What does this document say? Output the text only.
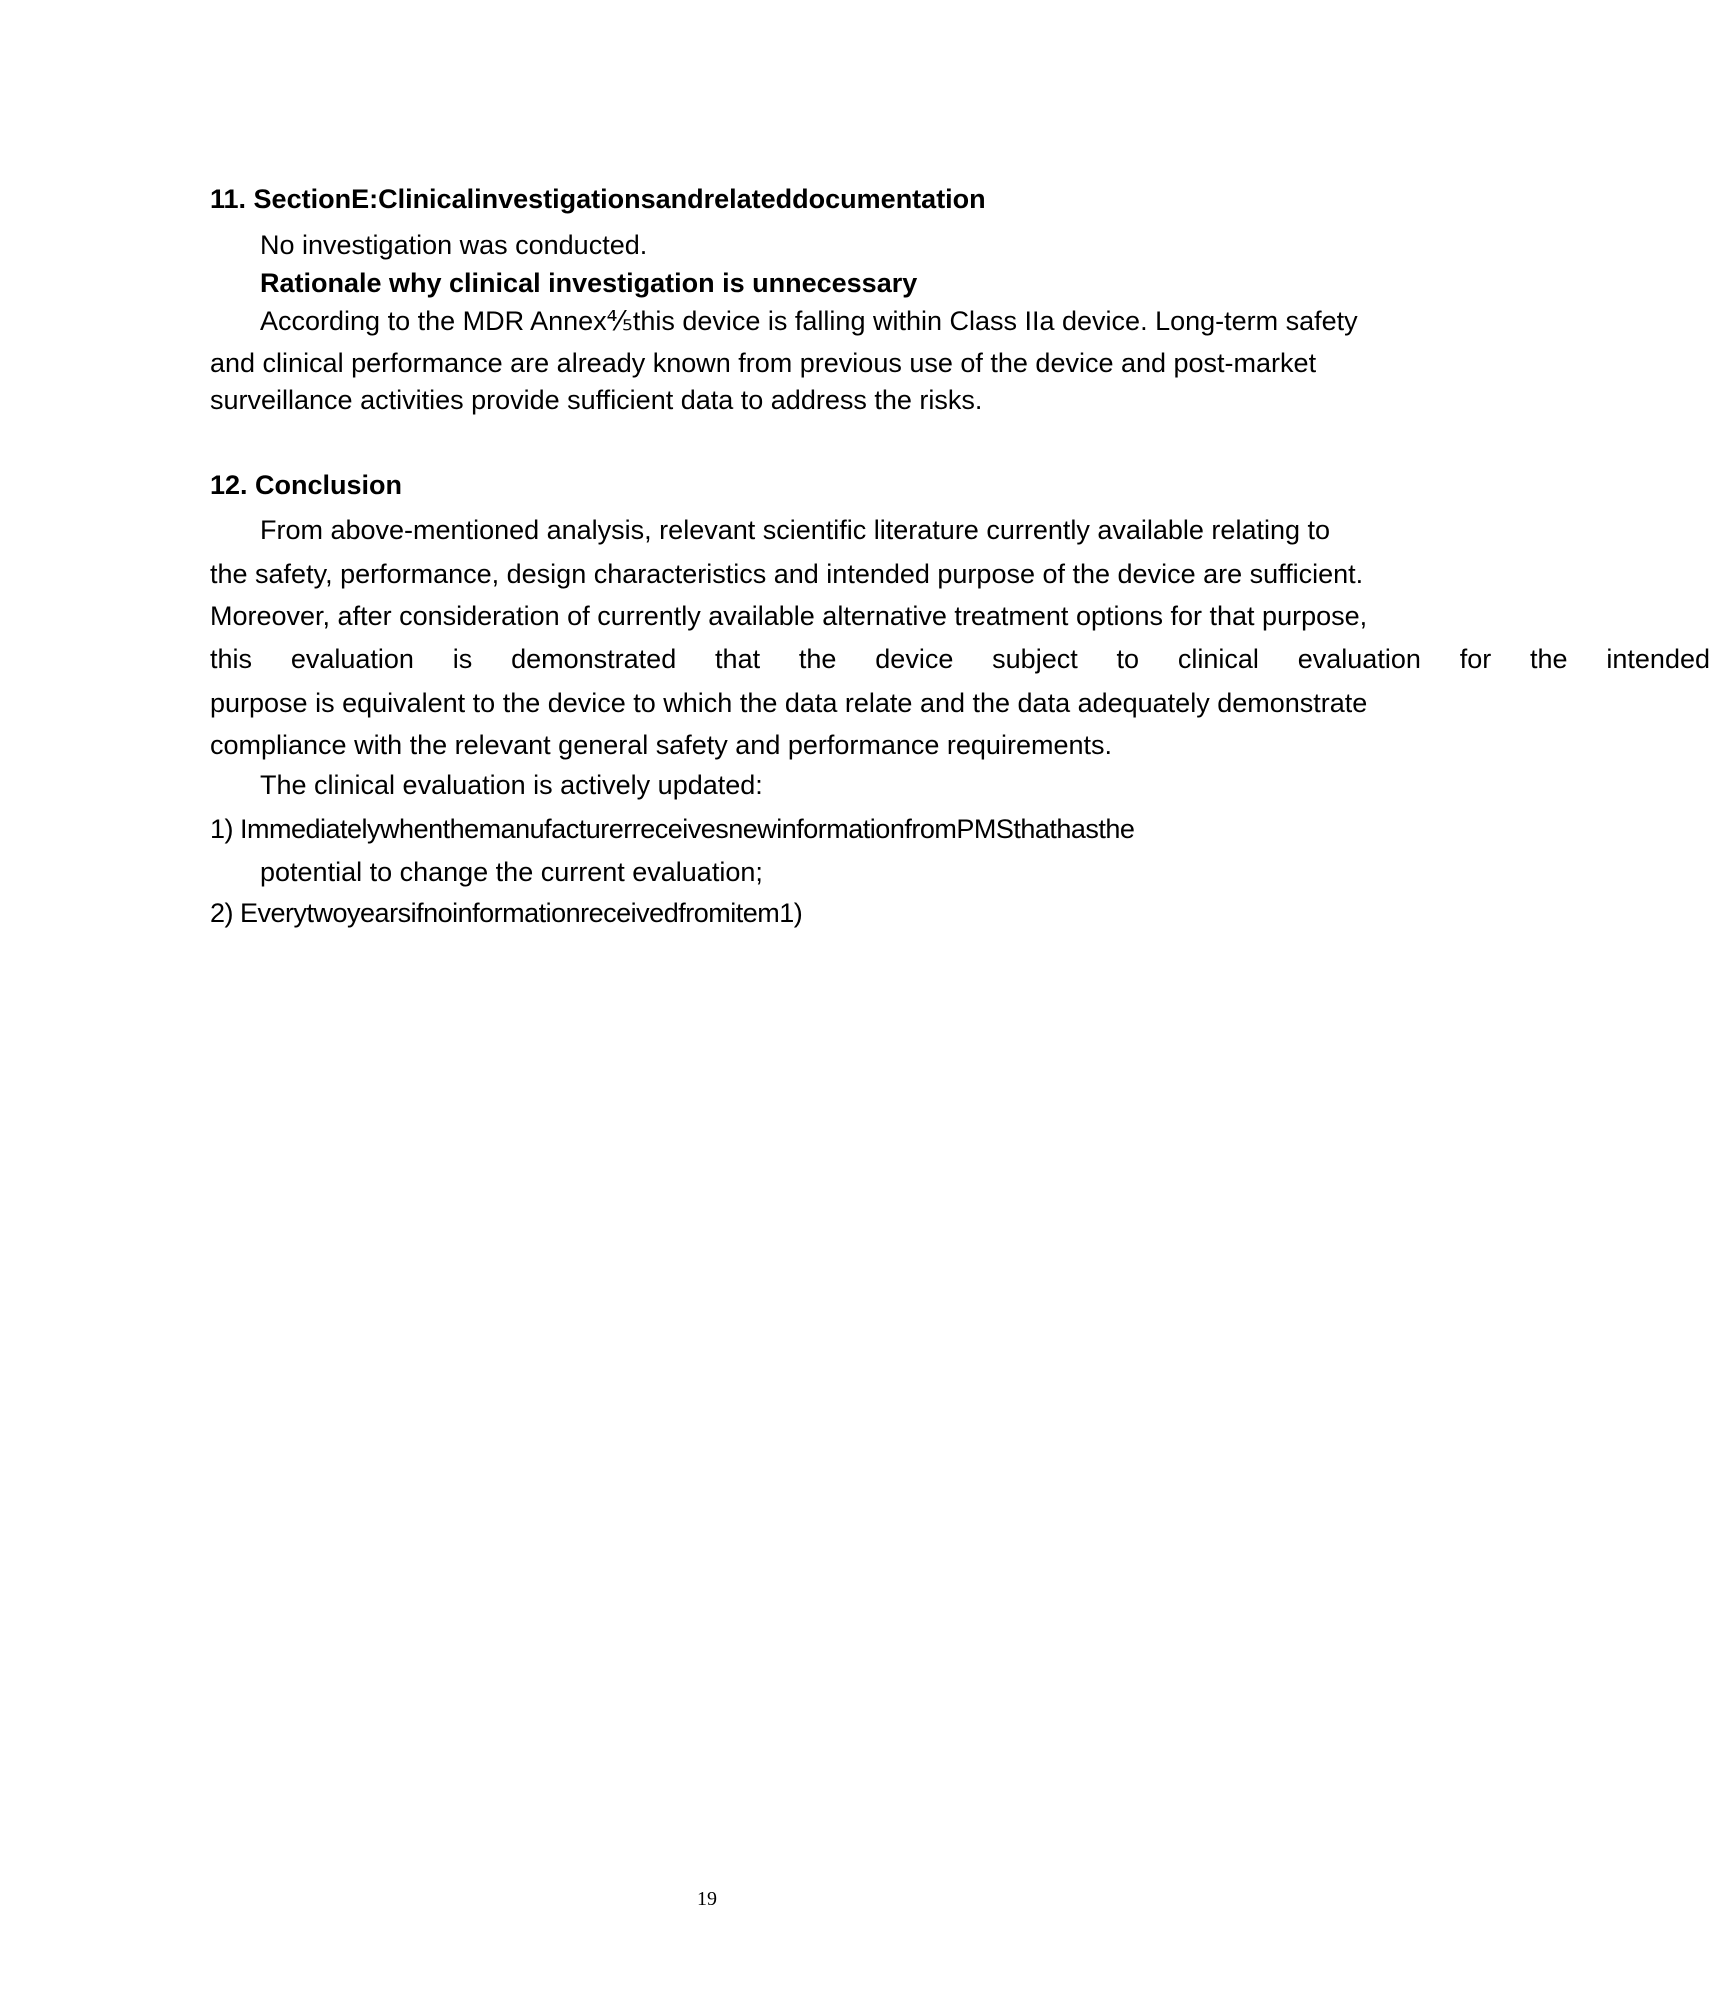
11. SectionE:Clinicalinvestigationsandrelateddocumentation
No investigation was conducted.
Rationale why clinical investigation is unnecessary
According to the MDR Annex⅘this device is falling within Class IIa device. Long-term safety
and clinical performance are already known from previous use of the device and post-market
surveillance activities provide sufficient data to address the risks.
12. Conclusion
From above-mentioned analysis, relevant scientific literature currently available relating to
the safety, performance, design characteristics and intended purpose of the device are sufficient.
Moreover, after consideration of currently available alternative treatment options for that purpose,
this evaluation is demonstrated that the device subject to clinical evaluation for the intended
purpose is equivalent to the device to which the data relate and the data adequately demonstrate
compliance with the relevant general safety and performance requirements.
The clinical evaluation is actively updated:
1) ImmediatelywhenthemanufacturerreceivesnewinformationfromPMSthathasthe
potential to change the current evaluation;
2) Everytwoyearsifnoinformationreceivedfromitem1)
19
